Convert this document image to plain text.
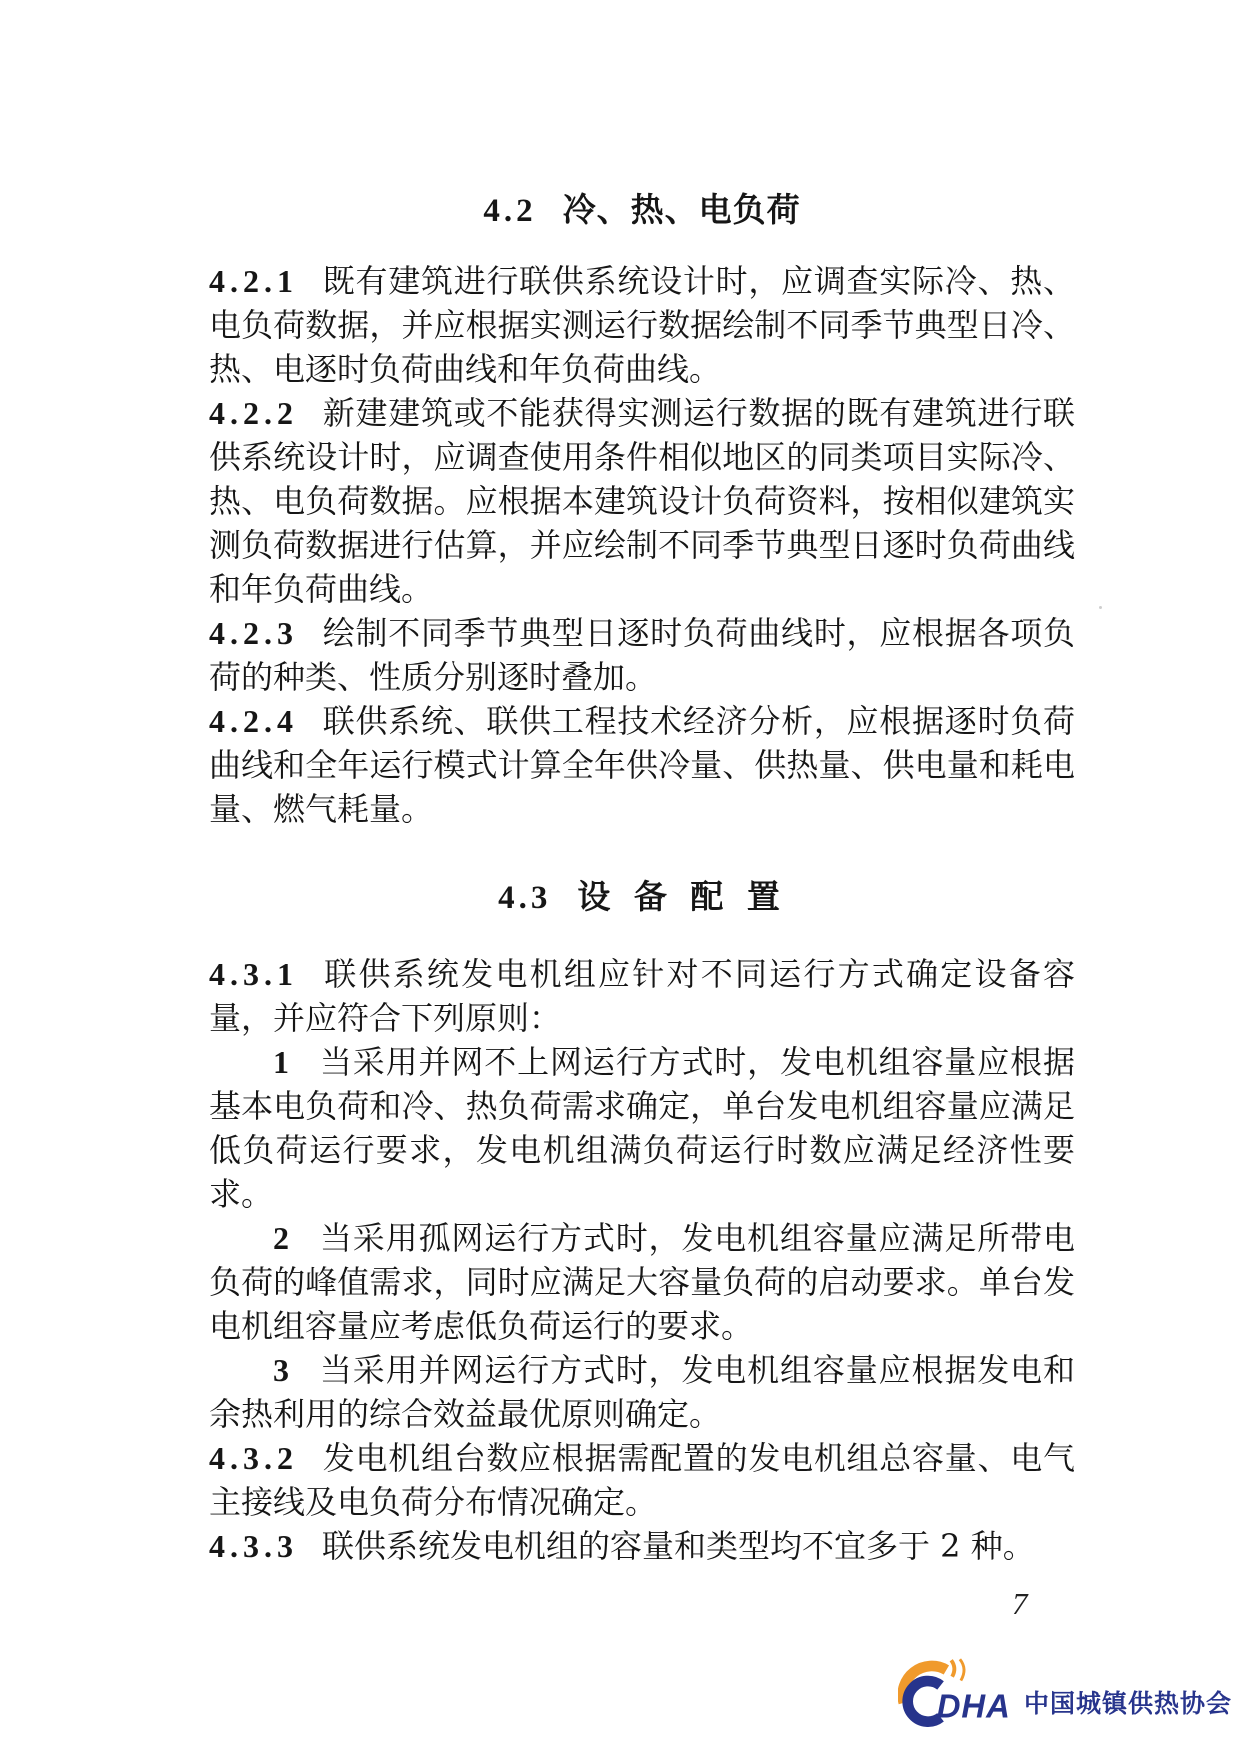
4.2 冷、热、电负荷

4.2.1 既有建筑进行联供系统设计时，应调查实际冷、热、电负荷数据，并应根据实测运行数据绘制不同季节典型日冷、热、电逐时负荷曲线和年负荷曲线。

4.2.2 新建建筑或不能获得实测运行数据的既有建筑进行联供系统设计时，应调查使用条件相似地区的同类项目实际冷、热、电负荷数据。应根据本建筑设计负荷资料，按相似建筑实测负荷数据进行估算，并应绘制不同季节典型日逐时负荷曲线和年负荷曲线。

4.2.3 绘制不同季节典型日逐时负荷曲线时，应根据各项负荷的种类、性质分别逐时叠加。

4.2.4 联供系统、联供工程技术经济分析，应根据逐时负荷曲线和全年运行模式计算全年供冷量、供热量、供电量和耗电量、燃气耗量。

4.3 设 备 配 置

4.3.1 联供系统发电机组应针对不同运行方式确定设备容量，并应符合下列原则：

1 当采用并网不上网运行方式时，发电机组容量应根据基本电负荷和冷、热负荷需求确定，单台发电机组容量应满足低负荷运行要求，发电机组满负荷运行时数应满足经济性要求。

2 当采用孤网运行方式时，发电机组容量应满足所带电负荷的峰值需求，同时应满足大容量负荷的启动要求。单台发电机组容量应考虑低负荷运行的要求。

3 当采用并网运行方式时，发电机组容量应根据发电和余热利用的综合效益最优原则确定。

4.3.2 发电机组台数应根据需配置的发电机组总容量、电气主接线及电负荷分布情况确定。

4.3.3 联供系统发电机组的容量和类型均不宜多于 2 种。

7
DHA 中国城镇供热协会
